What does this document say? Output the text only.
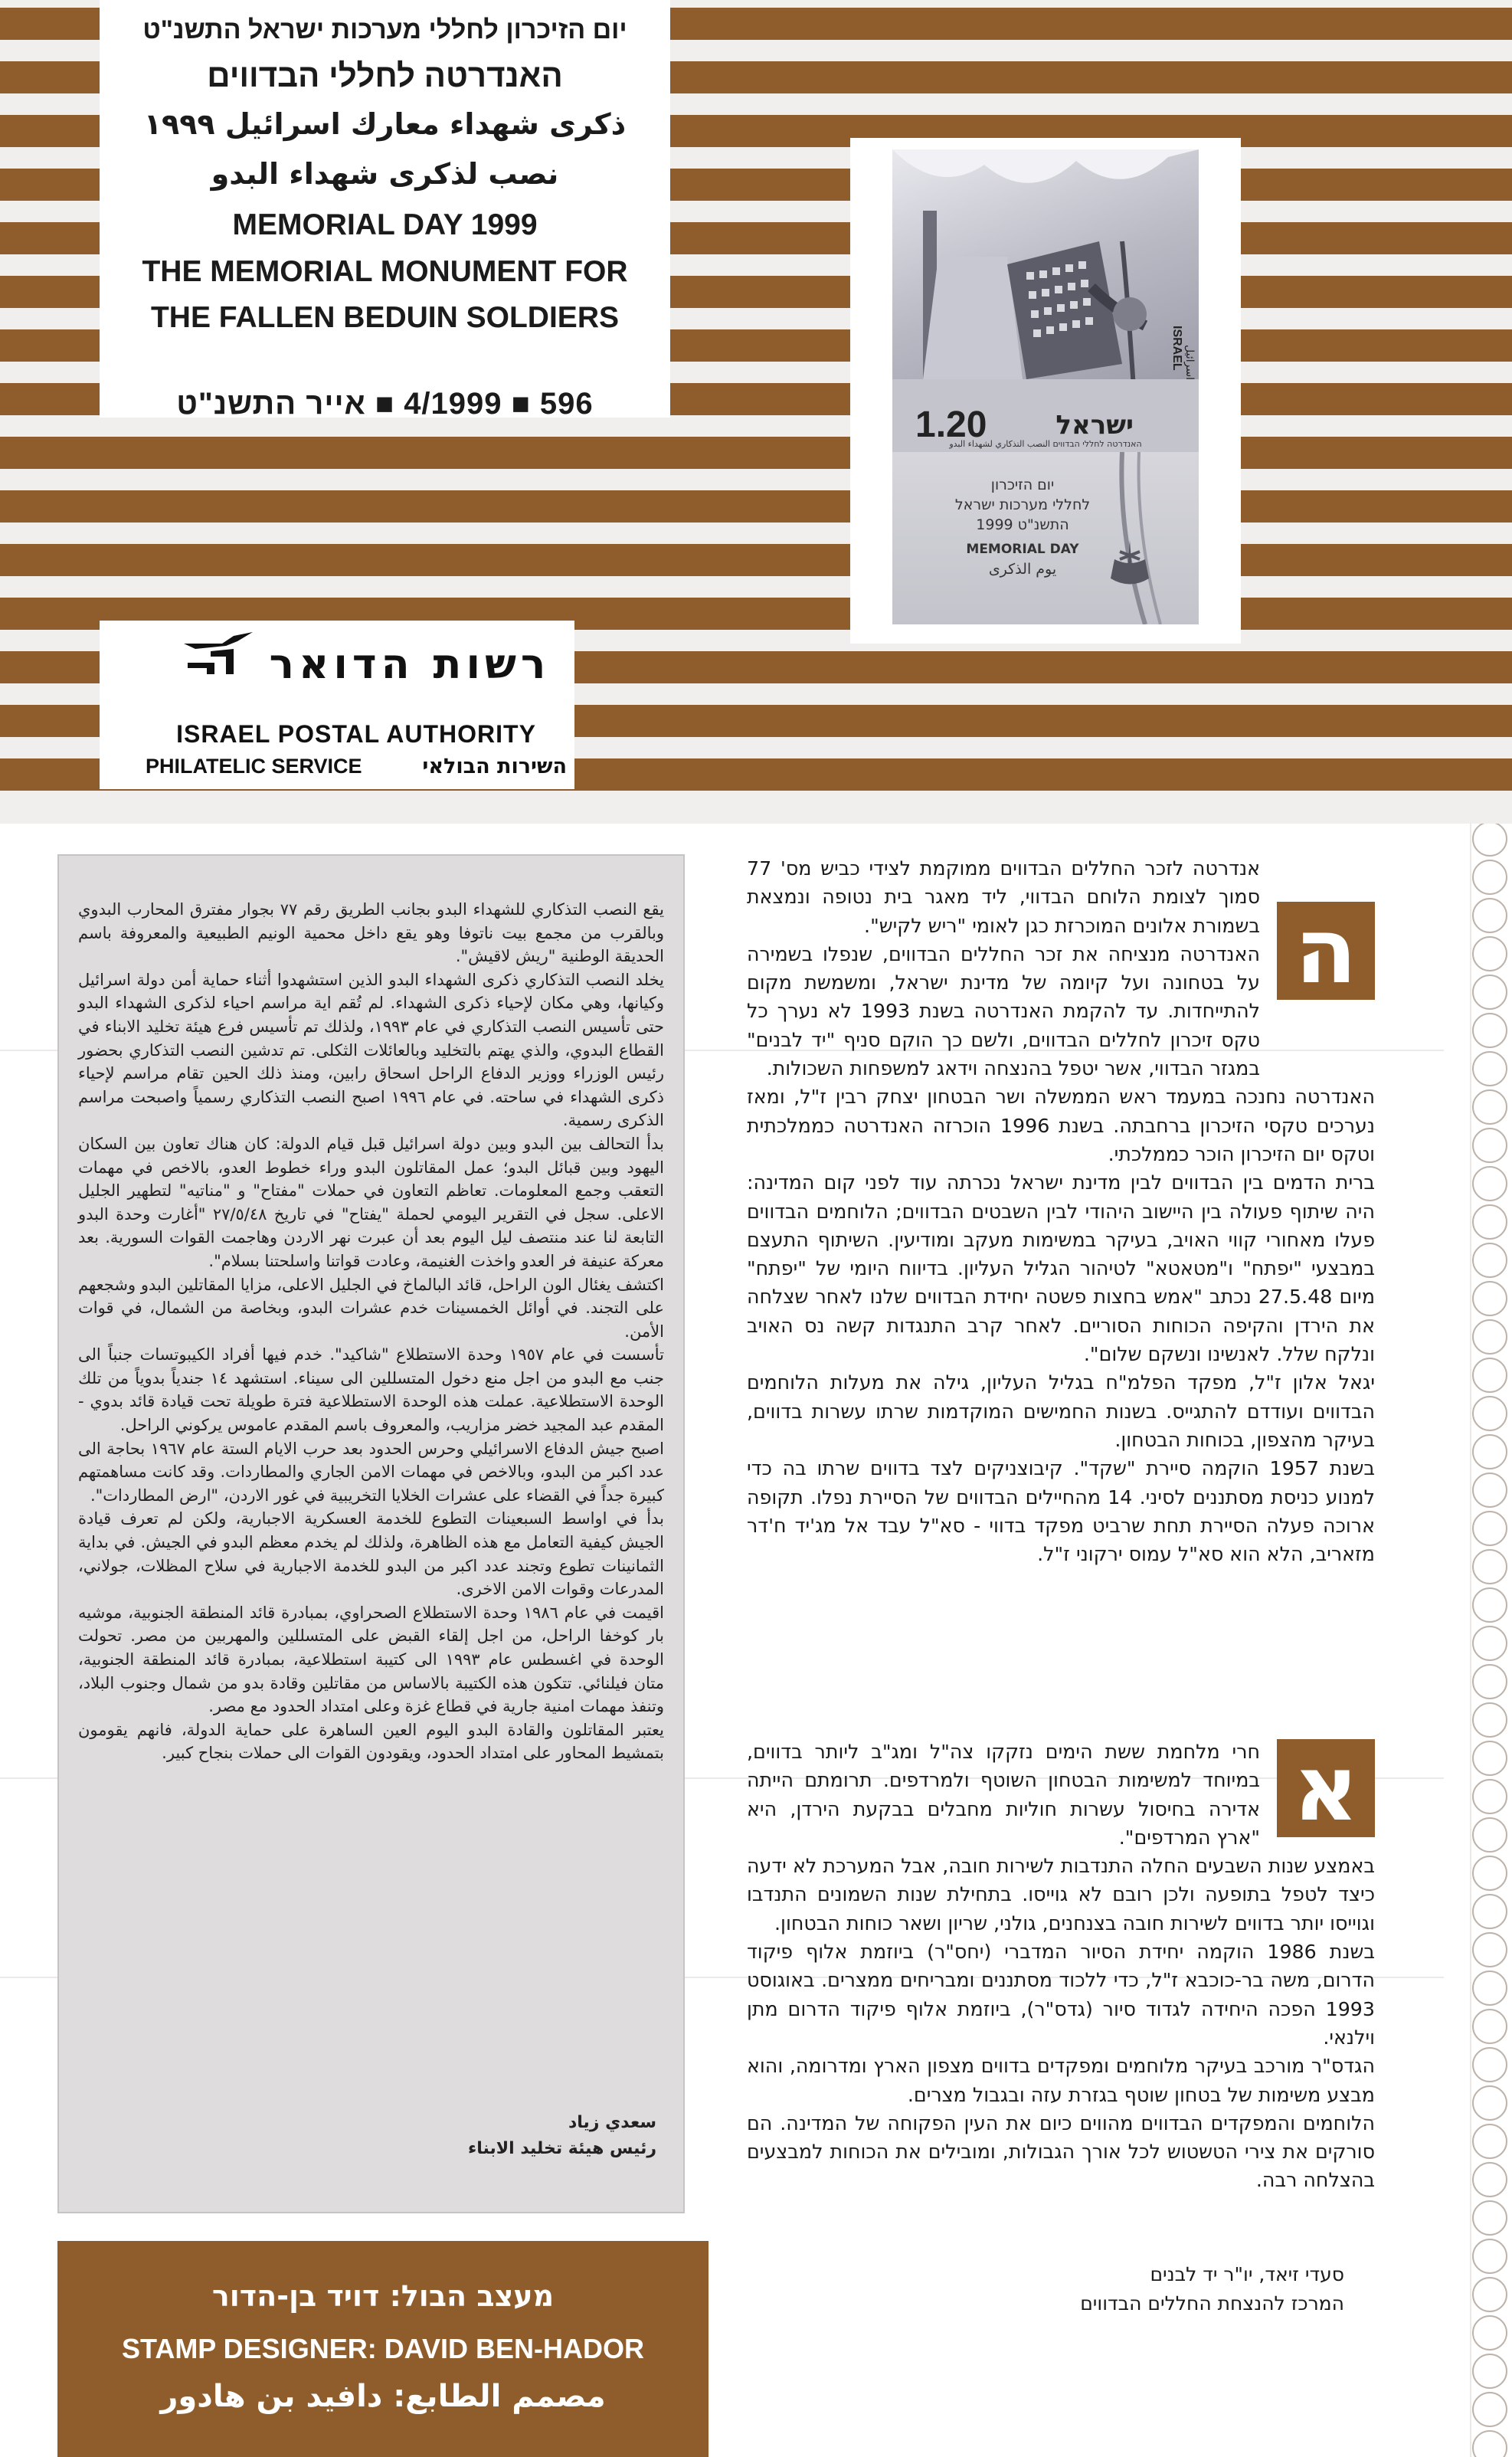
יום הזיכרון לחללי מערכות ישראל התשנ"ט

האנדרטה לחללי הבדווים

ذكرى شهداء معارك اسرائيل ١٩٩٩

نصب لذكرى شهداء البدو

MEMORIAL DAY 1999

THE MEMORIAL MONUMENT FOR

THE FALLEN BEDUIN SOLDIERS

596 ■ 4/1999 ■ אייר התשנ"ט

1.20	ישראל
اسرائيل
ISRAEL
האנדרטה לחללי הבדווים النصب التذكاري لشهداء البدو
יום הזיכרון
לחללי מערכות ישראל
התשנ"ט 1999
MEMORIAL DAY
يوم الذكرى
רשות הדואר
ISRAEL POSTAL AUTHORITY
PHILATELIC SERVICE	השירות הבולאי

يقع النصب التذكاري للشهداء البدو بجانب الطريق رقم ٧٧ بجوار مفترق المحارب البدوي وبالقرب من مجمع بيت ناتوفا وهو يقع داخل محمية الونيم الطبيعية والمعروفة باسم الحديقة الوطنية "ريش لاقيش".

يخلد النصب التذكاري ذكرى الشهداء البدو الذين استشهدوا أثناء حماية أمن دولة اسرائيل وكيانها، وهي مكان لإحياء ذكرى الشهداء. لم تُقم اية مراسم احياء لذكرى الشهداء البدو حتى تأسيس النصب التذكاري في عام ١٩٩٣، ولذلك تم تأسيس فرع هيئة تخليد الابناء في القطاع البدوي، والذي يهتم بالتخليد وبالعائلات الثكلى. تم تدشين النصب التذكاري بحضور رئيس الوزراء ووزير الدفاع الراحل اسحاق رابين، ومنذ ذلك الحين تقام مراسم لإحياء ذكرى الشهداء في ساحته. في عام ١٩٩٦ اصبح النصب التذكاري رسمياً واصبحت مراسم الذكرى رسمية.

بدأ التحالف بين البدو وبين دولة اسرائيل قبل قيام الدولة: كان هناك تعاون بين السكان اليهود وبين قبائل البدو؛ عمل المقاتلون البدو وراء خطوط العدو، بالاخص في مهمات التعقب وجمع المعلومات. تعاظم التعاون في حملات "مفتاح" و "مناتيه" لتطهير الجليل الاعلى. سجل في التقرير اليومي لحملة "يفتاح" في تاريخ ٢٧/٥/٤٨ "أغارت وحدة البدو التابعة لنا عند منتصف ليل اليوم بعد أن عبرت نهر الاردن وهاجمت القوات السورية. بعد معركة عنيفة فر العدو واخذت الغنيمة، وعادت قواتنا واسلحتنا بسلام".

اكتشف يغئال الون الراحل، قائد البالماخ في الجليل الاعلى، مزايا المقاتلين البدو وشجعهم على التجند. في أوائل الخمسينات خدم عشرات البدو، وبخاصة من الشمال، في قوات الأمن.

تأسست في عام ١٩٥٧ وحدة الاستطلاع "شاكيد". خدم فيها أفراد الكيبوتسات جنباً الى جنب مع البدو من اجل منع دخول المتسللين الى سيناء. استشهد ١٤ جندياً بدوياً من تلك الوحدة الاستطلاعية. عملت هذه الوحدة الاستطلاعية فترة طويلة تحت قيادة قائد بدوي - المقدم عبد المجيد خضر مزاريب، والمعروف باسم المقدم عاموس يركوني الراحل.

اصبح جيش الدفاع الاسرائيلي وحرس الحدود بعد حرب الايام الستة عام ١٩٦٧ بحاجة الى عدد اكبر من البدو، وبالاخص في مهمات الامن الجاري والمطاردات. وقد كانت مساهمتهم كبيرة جداً في القضاء على عشرات الخلايا التخريبية في غور الاردن، "ارض المطاردات".

بدأ في اواسط السبعينات التطوع للخدمة العسكرية الاجبارية، ولكن لم تعرف قيادة الجيش كيفية التعامل مع هذه الظاهرة، ولذلك لم يخدم معظم البدو في الجيش. في بداية الثمانينات تطوع وتجند عدد اكبر من البدو للخدمة الاجبارية في سلاح المظلات، جولاني، المدرعات وقوات الامن الاخرى.

اقيمت في عام ١٩٨٦ وحدة الاستطلاع الصحراوي، بمبادرة قائد المنطقة الجنوبية، موشيه بار كوخفا الراحل، من اجل إلقاء القبض على المتسللين والمهربين من مصر. تحولت الوحدة في اغسطس عام ١٩٩٣ الى كتيبة استطلاعية، بمبادرة قائد المنطقة الجنوبية، متان فيلنائي. تتكون هذه الكتيبة بالاساس من مقاتلين وقادة بدو من شمال وجنوب البلاد، وتنفذ مهمات امنية جارية في قطاع غزة وعلى امتداد الحدود مع مصر.

يعتبر المقاتلون والقادة البدو اليوم العين الساهرة على حماية الدولة، فانهم يقومون بتمشيط المحاور على امتداد الحدود، ويقودون القوات الى حملات بنجاح كبير.

سعدي زياد
رئيس هيئة تخليد الابناء

מעצב הבול: דויד בן-הדור

STAMP DESIGNER: DAVID BEN-HADOR

مصمم الطابع: دافيد بن هادور

ה

אנדרטה לזכר החללים הבדווים ממוקמת לצידי כביש מס' 77 סמוך לצומת הלוחם הבדווי, ליד מאגר בית נטופה ונמצאת בשמורת אלונים המוכרזת כגן לאומי "ריש לקיש".

האנדרטה מנציחה את זכר החללים הבדווים, שנפלו בשמירה על בטחונה ועל קיומה של מדינת ישראל, ומשמשת מקום להתייחדות. עד להקמת האנדרטה בשנת 1993 לא נערך כל טקס זיכרון לחללים הבדווים, ולשם כך הוקם סניף "יד לבנים" במגזר הבדווי, אשר יטפל בהנצחה וידאג למשפחות השכולות.

האנדרטה נחנכה במעמד ראש הממשלה ושר הבטחון יצחק רבין ז"ל, ומאז נערכים טקסי הזיכרון ברחבתה. בשנת 1996 הוכרזה האנדרטה כממלכתית וטקס יום הזיכרון הוכר כממלכתי.

ברית הדמים בין הבדווים לבין מדינת ישראל נכרתה עוד לפני קום המדינה: היה שיתוף פעולה בין היישוב היהודי לבין השבטים הבדווים; הלוחמים הבדווים פעלו מאחורי קווי האויב, בעיקר במשימות מעקב ומודיעין. השיתוף התעצם במבצעי "יפתח" ו"מטאטא" לטיהור הגליל העליון. בדיווח היומי של "יפתח" מיום 27.5.48 נכתב "אמש בחצות פשטה יחידת הבדווים שלנו לאחר שצלחה את הירדן והקיפה הכוחות הסוריים. לאחר קרב התנגדות קשה נס האויב ונלקח שלל. לאנשינו ונשקם שלום".

יגאל אלון ז"ל, מפקד הפלמ"ח בגליל העליון, גילה את מעלות הלוחמים הבדווים ועודדם להתגייס. בשנות החמישים המוקדמות שרתו עשרות בדווים, בעיקר מהצפון, בכוחות הבטחון.

בשנת 1957 הוקמה סיירת "שקד". קיבוצניקים לצד בדווים שרתו בה כדי למנוע כניסת מסתננים לסיני. 14 מהחיילים הבדווים של הסיירת נפלו. תקופה ארוכה פעלה הסיירת תחת שרביט מפקד בדווי - סא"ל עבד אל מג'יד ח'דר מזאריב, הלא הוא סא"ל עמוס ירקוני ז"ל.

א

חרי מלחמת ששת הימים נזקקו צה"ל ומג"ב ליותר בדווים, במיוחד למשימות הבטחון השוטף ולמרדפים. תרומתם הייתה אדירה בחיסול עשרות חוליות מחבלים בבקעת הירדן, היא "ארץ המרדפים".

באמצע שנות השבעים החלה התנדבות לשירות חובה, אבל המערכת לא ידעה כיצד לטפל בתופעה ולכן רובם לא גוייסו. בתחילת שנות השמונים התנדבו וגוייסו יותר בדווים לשירות חובה בצנחנים, גולני, שריון ושאר כוחות הבטחון.

בשנת 1986 הוקמה יחידת הסיור המדברי (יחס"ר) ביוזמת אלוף פיקוד הדרום, משה בר-כוכבא ז"ל, כדי ללכוד מסתננים ומבריחים ממצרים. באוגוסט 1993 הפכה היחידה לגדוד סיור (גדס"ר), ביוזמת אלוף פיקוד הדרום מתן וילנאי.

הגדס"ר מורכב בעיקר מלוחמים ומפקדים בדווים מצפון הארץ ומדרומה, והוא מבצע משימות של בטחון שוטף בגזרת עזה ובגבול מצרים.

הלוחמים והמפקדים הבדווים מהווים כיום את העין הפקוחה של המדינה. הם סורקים את צירי הטשטוש לכל אורך הגבולות, ומובילים את הכוחות למבצעים בהצלחה רבה.

סעדי זיאד, יו"ר יד לבנים
המרכז להנצחת החללים הבדווים
